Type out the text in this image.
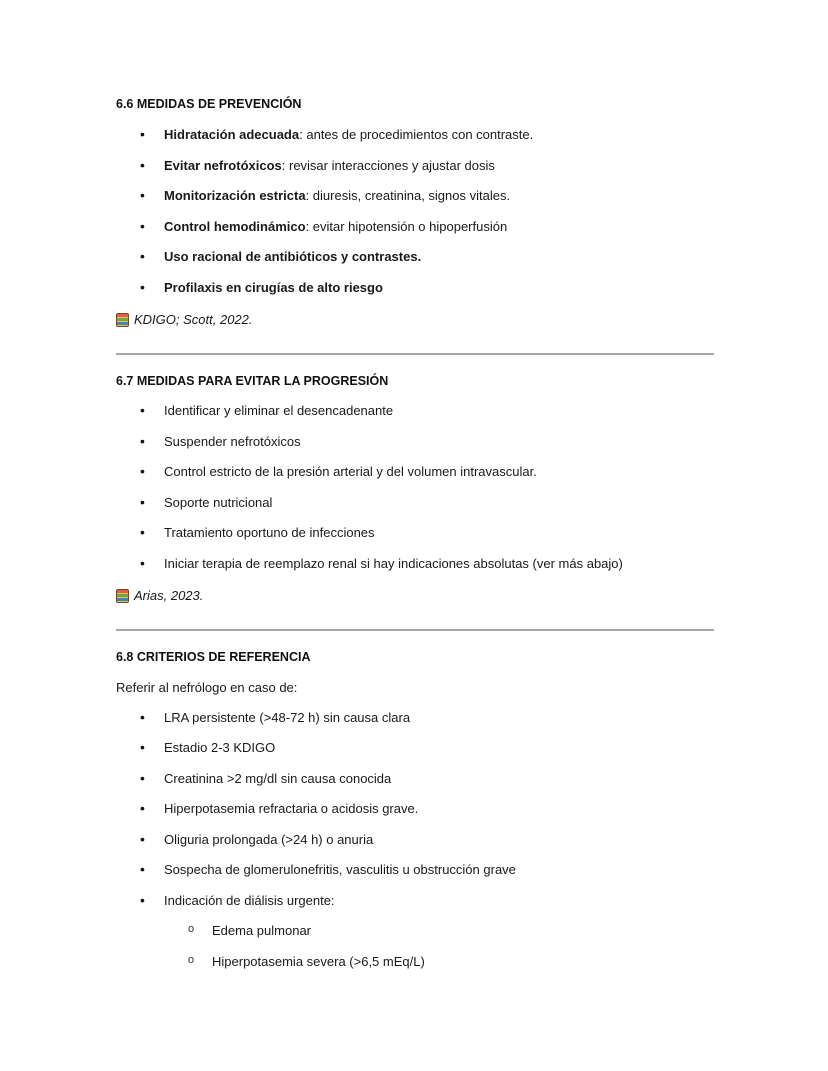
6.6 MEDIDAS DE PREVENCIÓN
• Hidratación adecuada: antes de procedimientos con contraste.
• Evitar nefrotóxicos: revisar interacciones y ajustar dosis
• Monitorización estricta: diuresis, creatinina, signos vitales.
• Control hemodinámico: evitar hipotensión o hipoperfusión
• Uso racional de antibióticos y contrastes.
• Profilaxis en cirugías de alto riesgo
KDIGO; Scott, 2022.
6.7 MEDIDAS PARA EVITAR LA PROGRESIÓN
• Identificar y eliminar el desencadenante
• Suspender nefrotóxicos
• Control estricto de la presión arterial y del volumen intravascular.
• Soporte nutricional
• Tratamiento oportuno de infecciones
• Iniciar terapia de reemplazo renal si hay indicaciones absolutas (ver más abajo)
Arias, 2023.
6.8 CRITERIOS DE REFERENCIA
Referir al nefrólogo en caso de:
• LRA persistente (>48-72 h) sin causa clara
• Estadio 2-3 KDIGO
• Creatinina >2 mg/dl sin causa conocida
• Hiperpotasemia refractaria o acidosis grave.
• Oliguria prolongada (>24 h) o anuria
• Sospecha de glomerulonefritis, vasculitis u obstrucción grave
• Indicación de diálisis urgente:
o Edema pulmonar
o Hiperpotasemia severa (>6,5 mEq/L)
